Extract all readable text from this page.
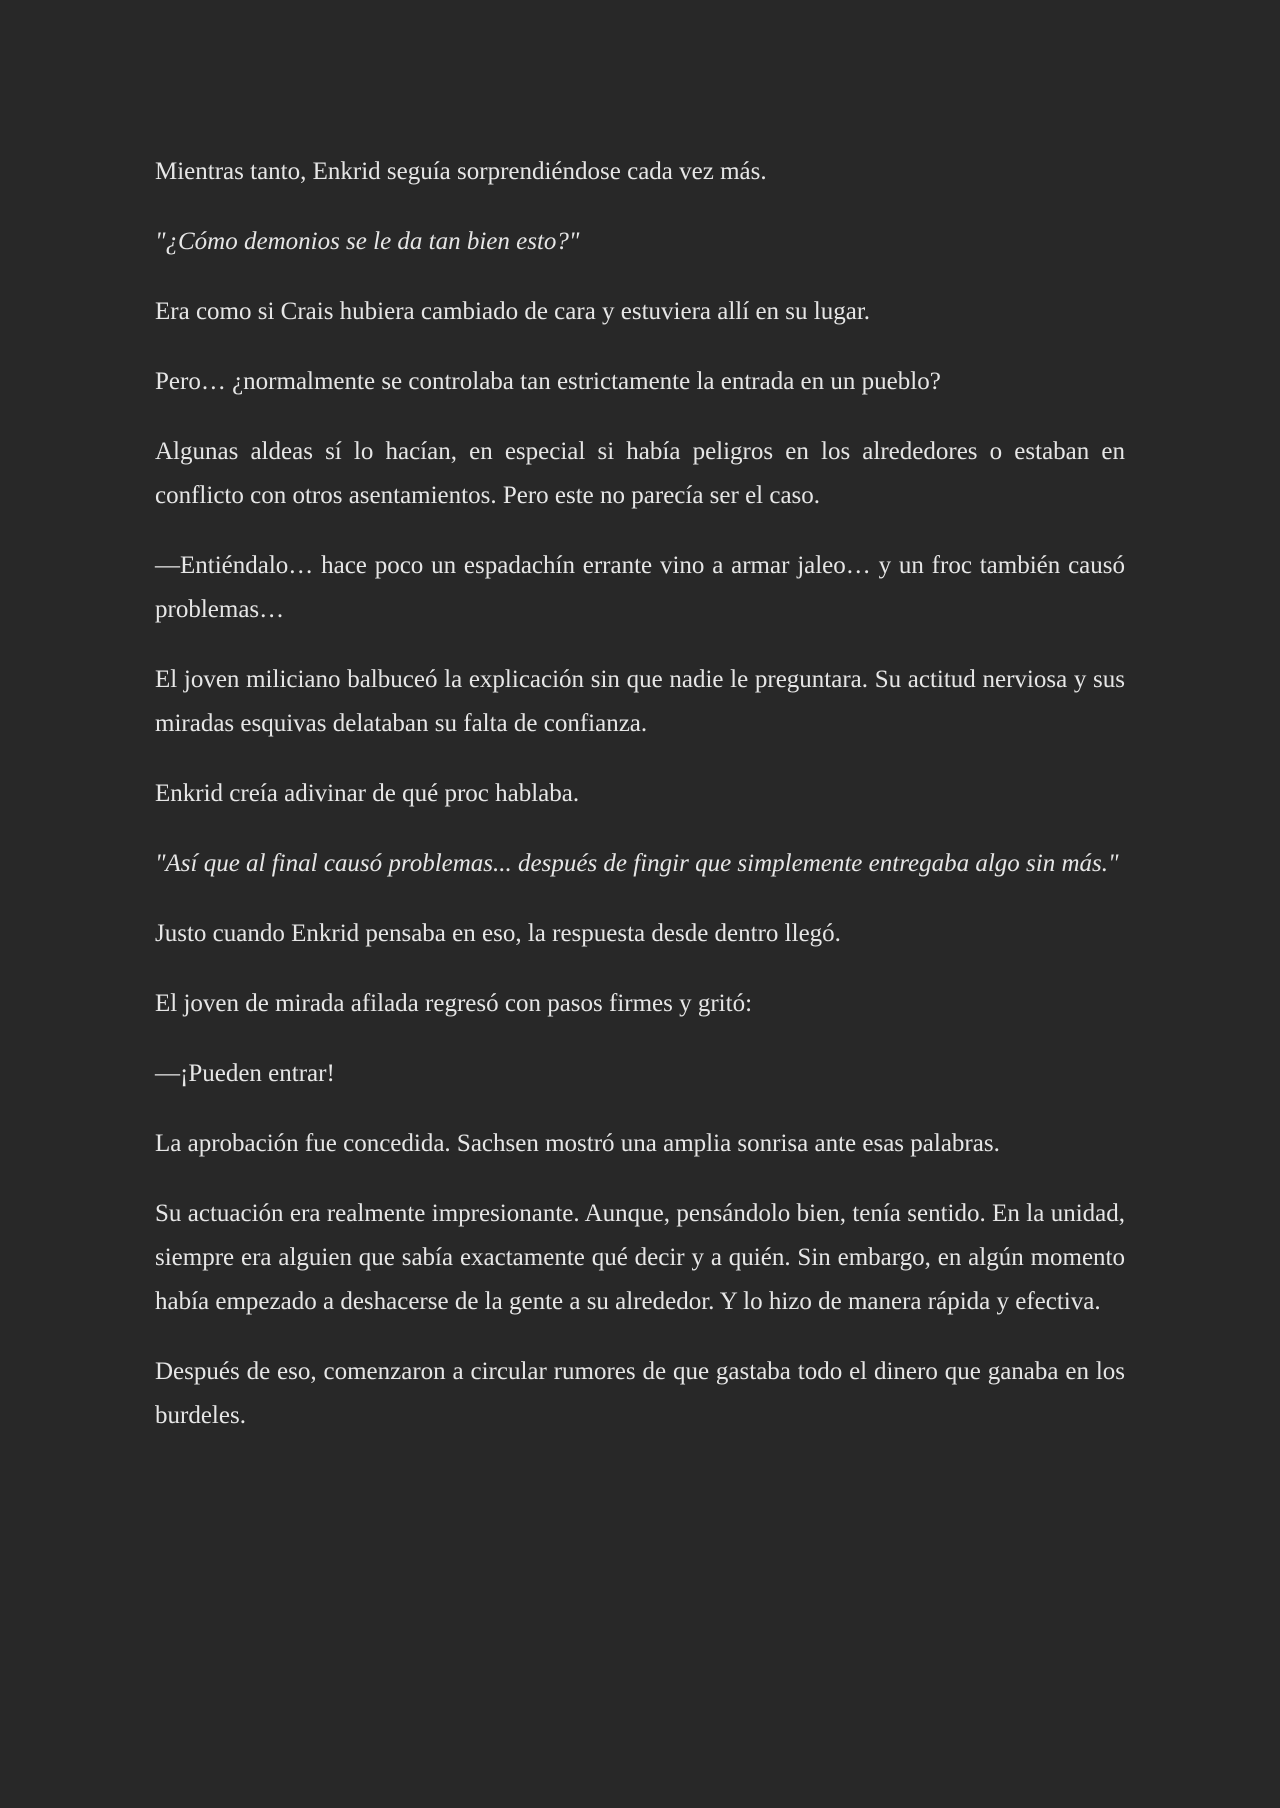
Mientras tanto, Enkrid seguía sorprendiéndose cada vez más.

"¿Cómo demonios se le da tan bien esto?"

Era como si Crais hubiera cambiado de cara y estuviera allí en su lugar.

Pero… ¿normalmente se controlaba tan estrictamente la entrada en un pueblo?

Algunas aldeas sí lo hacían, en especial si había peligros en los alrededores o estaban en conflicto con otros asentamientos. Pero este no parecía ser el caso.

—Entiéndalo… hace poco un espadachín errante vino a armar jaleo… y un froc también causó problemas…

El joven miliciano balbuceó la explicación sin que nadie le preguntara. Su actitud nerviosa y sus miradas esquivas delataban su falta de confianza.

Enkrid creía adivinar de qué proc hablaba.

"Así que al final causó problemas... después de fingir que simplemente entregaba algo sin más."

Justo cuando Enkrid pensaba en eso, la respuesta desde dentro llegó.

El joven de mirada afilada regresó con pasos firmes y gritó:

—¡Pueden entrar!

La aprobación fue concedida. Sachsen mostró una amplia sonrisa ante esas palabras.

Su actuación era realmente impresionante. Aunque, pensándolo bien, tenía sentido. En la unidad, siempre era alguien que sabía exactamente qué decir y a quién. Sin embargo, en algún momento había empezado a deshacerse de la gente a su alrededor. Y lo hizo de manera rápida y efectiva.

Después de eso, comenzaron a circular rumores de que gastaba todo el dinero que ganaba en los burdeles.
